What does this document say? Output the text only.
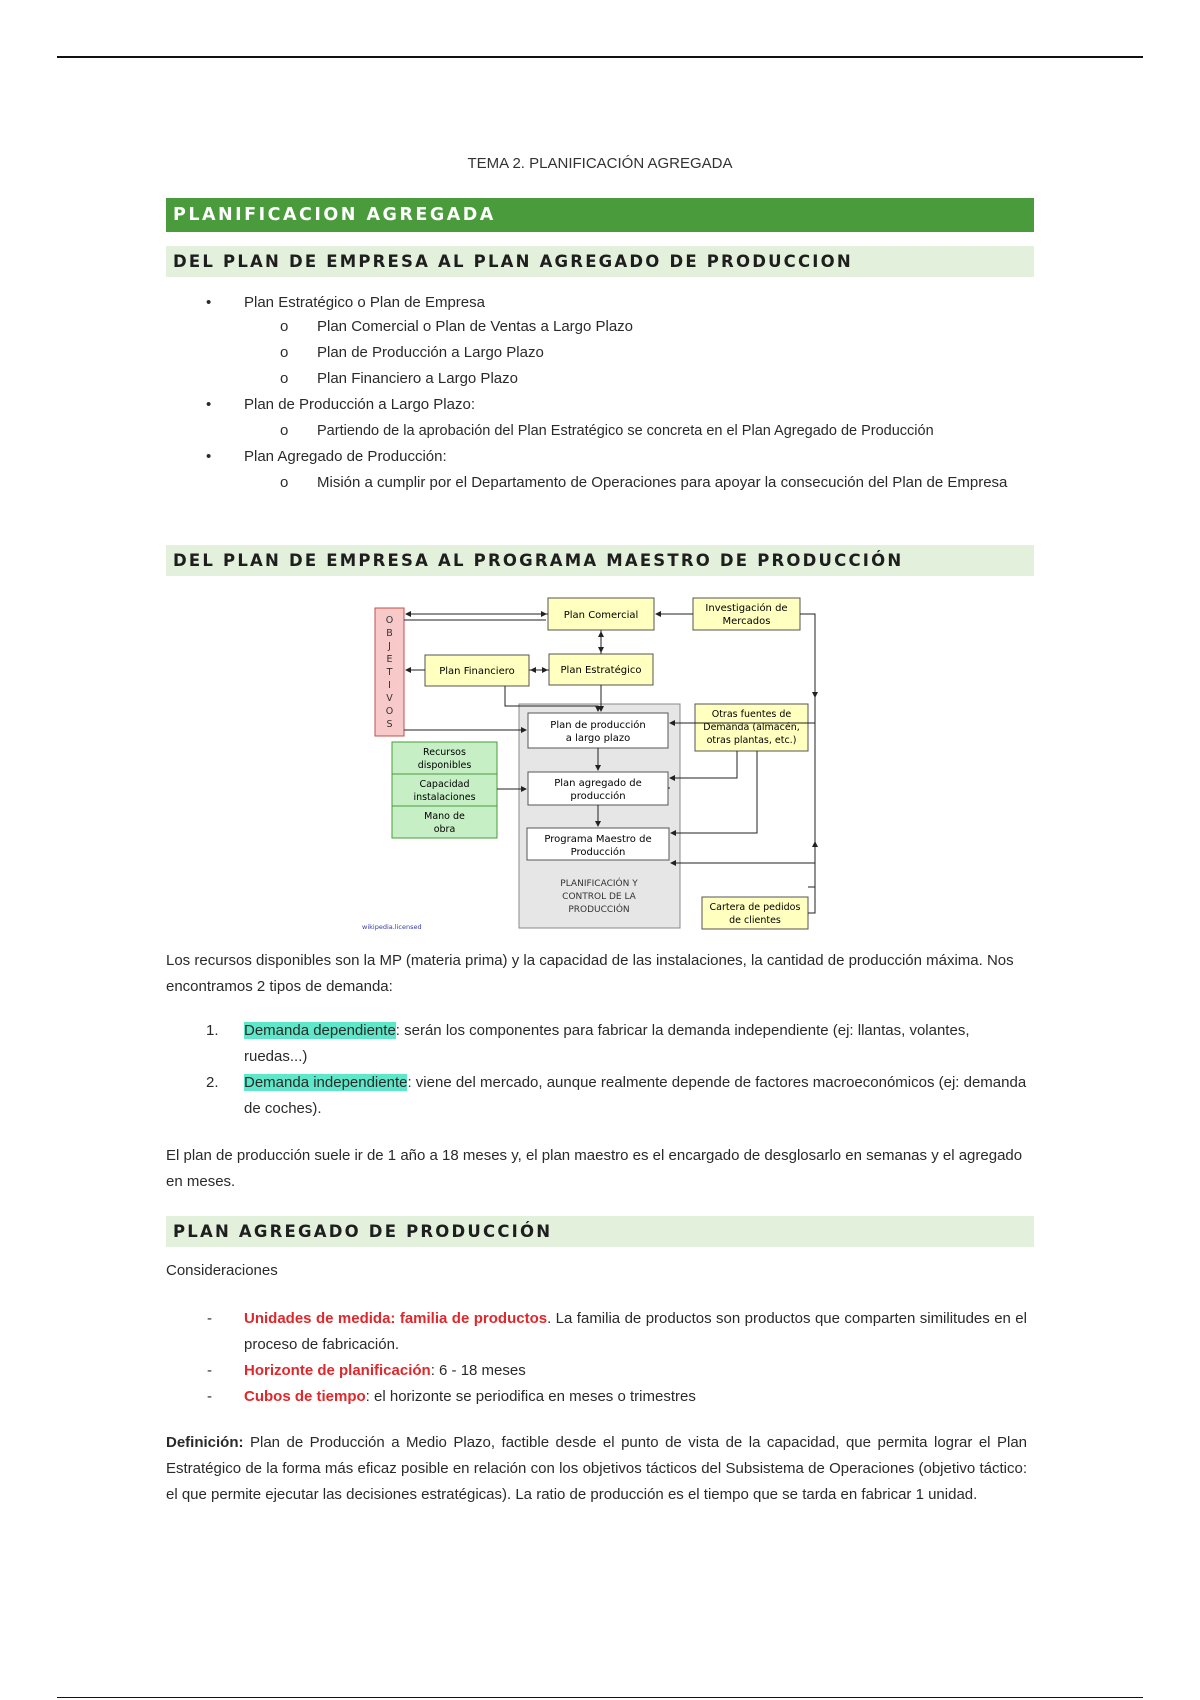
TEMA 2. PLANIFICACIÓN AGREGADA
PLANIFICACION AGREGADA
DEL PLAN DE EMPRESA AL PLAN AGREGADO DE PRODUCCION
• Plan Estratégico o Plan de Empresa
o Plan Comercial o Plan de Ventas a Largo Plazo
o Plan de Producción a Largo Plazo
o Plan Financiero a Largo Plazo
• Plan de Producción a Largo Plazo:
o Partiendo de la aprobación del Plan Estratégico se concreta en el Plan Agregado de Producción
• Plan Agregado de Producción:
o Misión a cumplir por el Departamento de Operaciones para apoyar la consecución del Plan de Empresa
DEL PLAN DE EMPRESA AL PROGRAMA MAESTRO DE PRODUCCIÓN
O B J E T I V O S
Plan Comercial
Investigación de
Mercados
Plan Financiero	Plan Estratégico
Plan de producción
a largo plazo
Otras fuentes de
Demanda (almacén,
otras plantas, etc.)
Recursos
disponibles
Capacidad
instalaciones
Mano de
obra
Plan agregado de
producción
Programa Maestro de
Producción
PLANIFICACIÓN Y
CONTROL DE LA
PRODUCCIÓN	Cartera de pedidos
de clientes
wikipedia.licensed
Los recursos disponibles son la MP (materia prima) y la capacidad de las instalaciones, la cantidad de producción máxima. Nos encontramos 2 tipos de demanda:
1. Demanda dependiente: serán los componentes para fabricar la demanda independiente (ej: llantas, volantes, ruedas...)
2. Demanda independiente: viene del mercado, aunque realmente depende de factores macroeconómicos (ej: demanda de coches).
El plan de producción suele ir de 1 año a 18 meses y, el plan maestro es el encargado de desglosarlo en semanas y el agregado en meses.
PLAN AGREGADO DE PRODUCCIÓN
Consideraciones
- Unidades de medida: familia de productos. La familia de productos son productos que comparten similitudes en el proceso de fabricación.
- Horizonte de planificación: 6 - 18 meses
- Cubos de tiempo: el horizonte se periodifica en meses o trimestres
Definición: Plan de Producción a Medio Plazo, factible desde el punto de vista de la capacidad, que permita lograr el Plan Estratégico de la forma más eficaz posible en relación con los objetivos tácticos del Subsistema de Operaciones (objetivo táctico: el que permite ejecutar las decisiones estratégicas). La ratio de producción es el tiempo que se tarda en fabricar 1 unidad.
